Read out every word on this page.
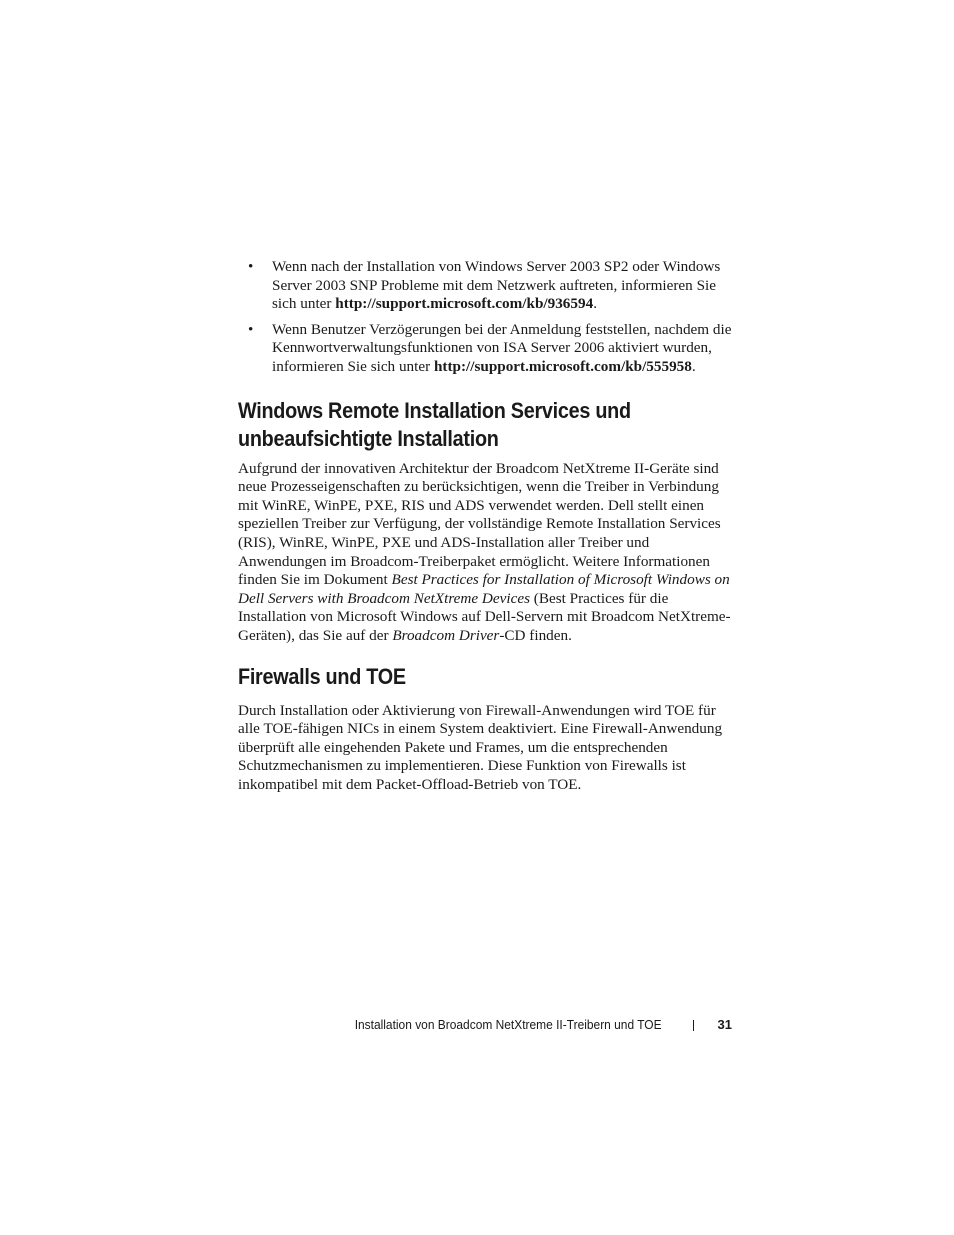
• Wenn nach der Installation von Windows Server 2003 SP2 oder Windows Server 2003 SNP Probleme mit dem Netzwerk auftreten, informieren Sie sich unter http://support.microsoft.com/kb/936594.
• Wenn Benutzer Verzögerungen bei der Anmeldung feststellen, nachdem die Kennwortverwaltungsfunktionen von ISA Server 2006 aktiviert wurden, informieren Sie sich unter http://support.microsoft.com/kb/555958.
Windows Remote Installation Services und
unbeaufsichtigte Installation

Aufgrund der innovativen Architektur der Broadcom NetXtreme II-Geräte sind neue Prozesseigenschaften zu berücksichtigen, wenn die Treiber in Verbindung mit WinRE, WinPE, PXE, RIS und ADS verwendet werden. Dell stellt einen speziellen Treiber zur Verfügung, der vollständige Remote Installation Services (RIS), WinRE, WinPE, PXE und ADS-Installation aller Treiber und Anwendungen im Broadcom-Treiberpaket ermöglicht. Weitere Informationen finden Sie im Dokument Best Practices for Installation of Microsoft Windows on Dell Servers with Broadcom NetXtreme Devices (Best Practices für die Installation von Microsoft Windows auf Dell-Servern mit Broadcom NetXtreme-Geräten), das Sie auf der Broadcom Driver-CD finden.

Firewalls und TOE

Durch Installation oder Aktivierung von Firewall-Anwendungen wird TOE für alle TOE-fähigen NICs in einem System deaktiviert. Eine Firewall-Anwendung überprüft alle eingehenden Pakete und Frames, um die entsprechenden Schutzmechanismen zu implementieren. Diese Funktion von Firewalls ist inkompatibel mit dem Packet-Offload-Betrieb von TOE.

Installation von Broadcom NetXtreme II-Treibern und TOE	31
